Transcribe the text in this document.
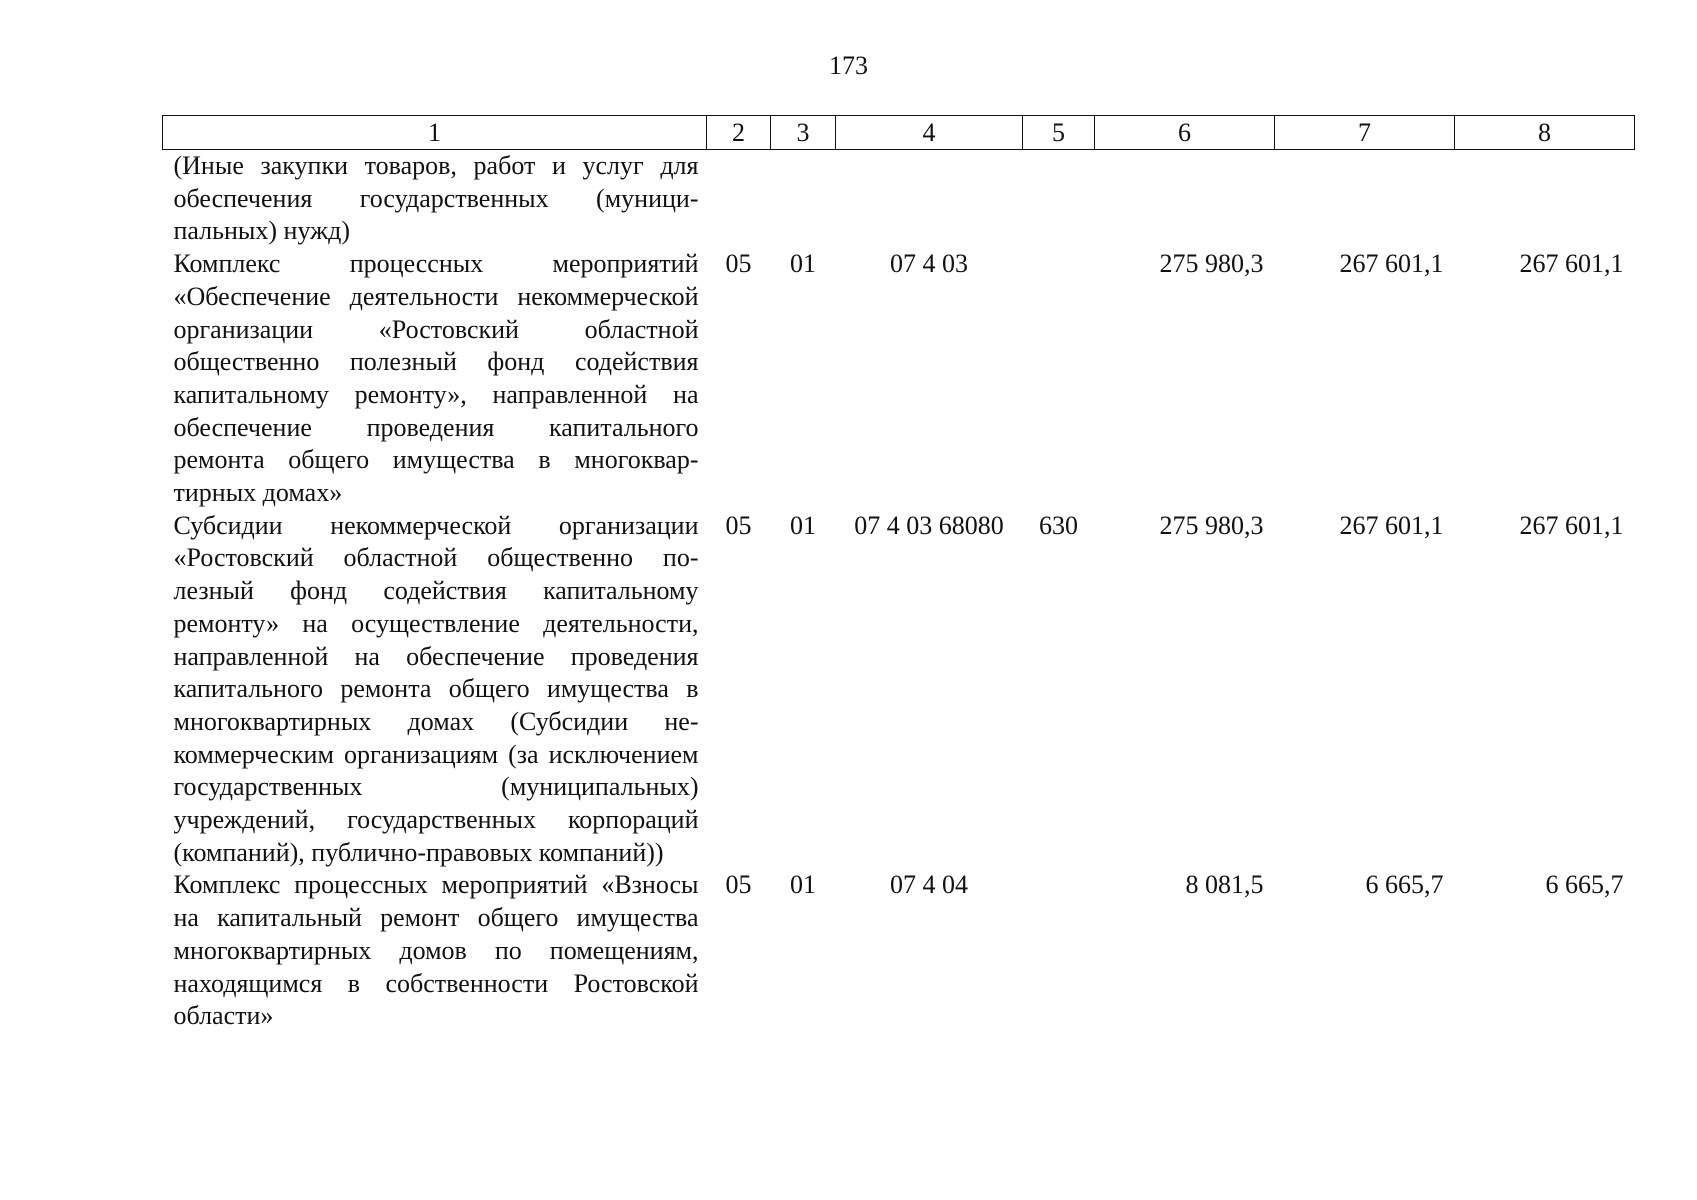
173
1	2	3	4	5	6	7	8
(Иные закупки товаров, работ и услуг для обеспечения государственных (муниципальных) нужд)							
Комплекс процессных мероприятий «Обеспечение деятельности некоммерческой организации «Ростовский областной общественно полезный фонд содействия капитальному ремонту», направленной на обеспечение проведения капитального ремонта общего имущества в многоквартирных домах»	05	01	07 4 03		275 980,3	267 601,1	267 601,1
Субсидии некоммерческой организации «Ростовский областной общественно полезный фонд содействия капитальному ремонту» на осуществление деятельности, направленной на обеспечение проведения капитального ремонта общего имущества в многоквартирных домах (Субсидии некоммерческим организациям (за исключением государственных (муниципальных) учреждений, государственных корпораций (компаний), публично-правовых компаний))	05	01	07 4 03 68080	630	275 980,3	267 601,1	267 601,1
Комплекс процессных мероприятий «Взносы на капитальный ремонт общего имущества многоквартирных домов по помещениям, находящимся в собственности Ростовской области»	05	01	07 4 04		8 081,5	6 665,7	6 665,7
